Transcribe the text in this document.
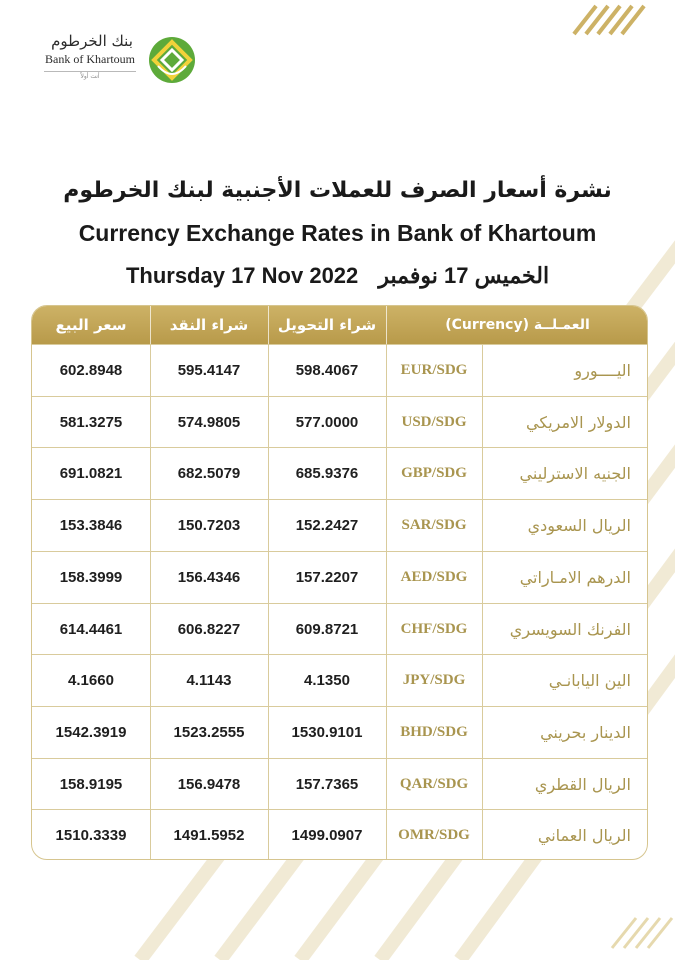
بنك الخرطوم
Bank of Khartoum
أنت أولاً
نشرة أسعار الصرف للعملات الأجنبية لبنك الخرطوم
Currency Exchange Rates in Bank of Khartoum
Thursday 17 Nov 2022 الخميس 17 نوفمبر
سعر البيع	شراء النقد	شراء التحويل	العمـلــة (Currency)
602.8948	595.4147	598.4067	EUR/SDG	اليــــورو
581.3275	574.9805	577.0000	USD/SDG	الدولار الامريكي
691.0821	682.5079	685.9376	GBP/SDG	الجنيه الاسترليني
153.3846	150.7203	152.2427	SAR/SDG	الريال السعودي
158.3999	156.4346	157.2207	AED/SDG	الدرهم الامـاراتي
614.4461	606.8227	609.8721	CHF/SDG	الفرنك السويسري
4.1660	4.1143	4.1350	JPY/SDG	الين اليابانـي
1542.3919	1523.2555	1530.9101	BHD/SDG	الدينار بحريني
158.9195	156.9478	157.7365	QAR/SDG	الريال القطري
1510.3339	1491.5952	1499.0907	OMR/SDG	الريال العماني
